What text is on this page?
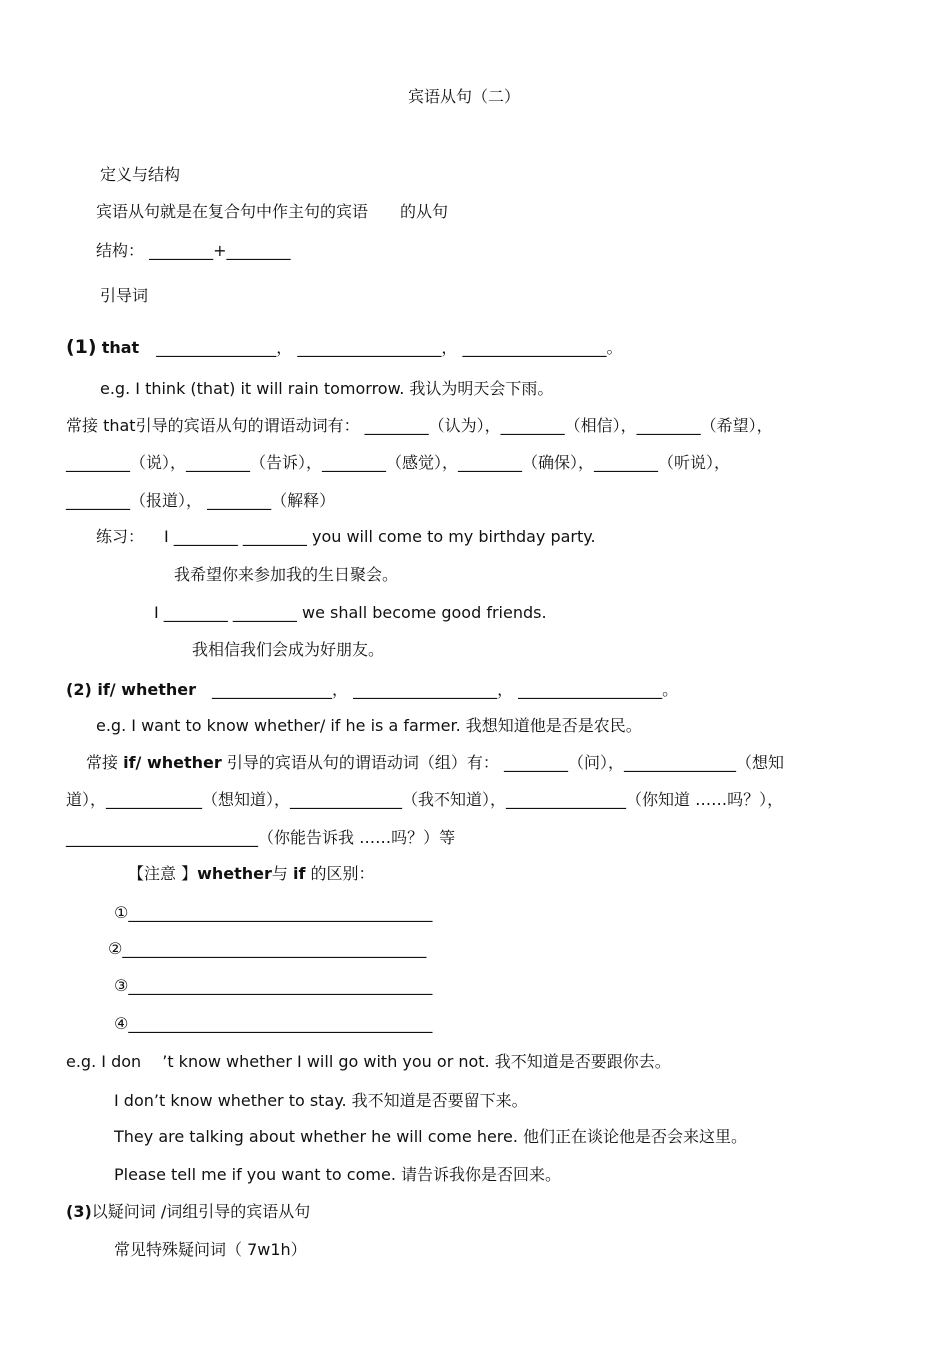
宾语从句（二）
定义与结构
宾语从句就是在复合句中作主句的宾语　　的从句
结构： ________+________
引导词
(1) that _______________， __________________， __________________。
e.g. I think (that) it will rain tomorrow. 我认为明天会下雨。
常接 that引导的宾语从句的谓语动词有： ________（认为），________（相信），________（希望），
________（说），________（告诉），________（感觉），________（确保），________（听说），
________（报道）， ________（解释）
练习： I ________ ________ you will come to my birthday party.
我希望你来参加我的生日聚会。
I ________ ________ we shall become good friends.
我相信我们会成为好朋友。
(2) if/ whether _______________， __________________， __________________。
e.g. I want to know whether/ if he is a farmer. 我想知道他是否是农民。
常接 if/ whether 引导的宾语从句的谓语动词（组）有： ________（问），______________（想知
道），____________（想知道），______________（我不知道），_______________（你知道 ……吗？），
________________________（你能告诉我 ……吗？）等
【注意 】whether与 if 的区别：
①______________________________________
②______________________________________
③______________________________________
④______________________________________
e.g. I don　 ’t know whether I will go with you or not. 我不知道是否要跟你去。
I don’t know whether to stay. 我不知道是否要留下来。
They are talking about whether he will come here. 他们正在谈论他是否会来这里。
Please tell me if you want to come. 请告诉我你是否回来。
(3)以疑问词 /词组引导的宾语从句
常见特殊疑问词（ 7w1h）
